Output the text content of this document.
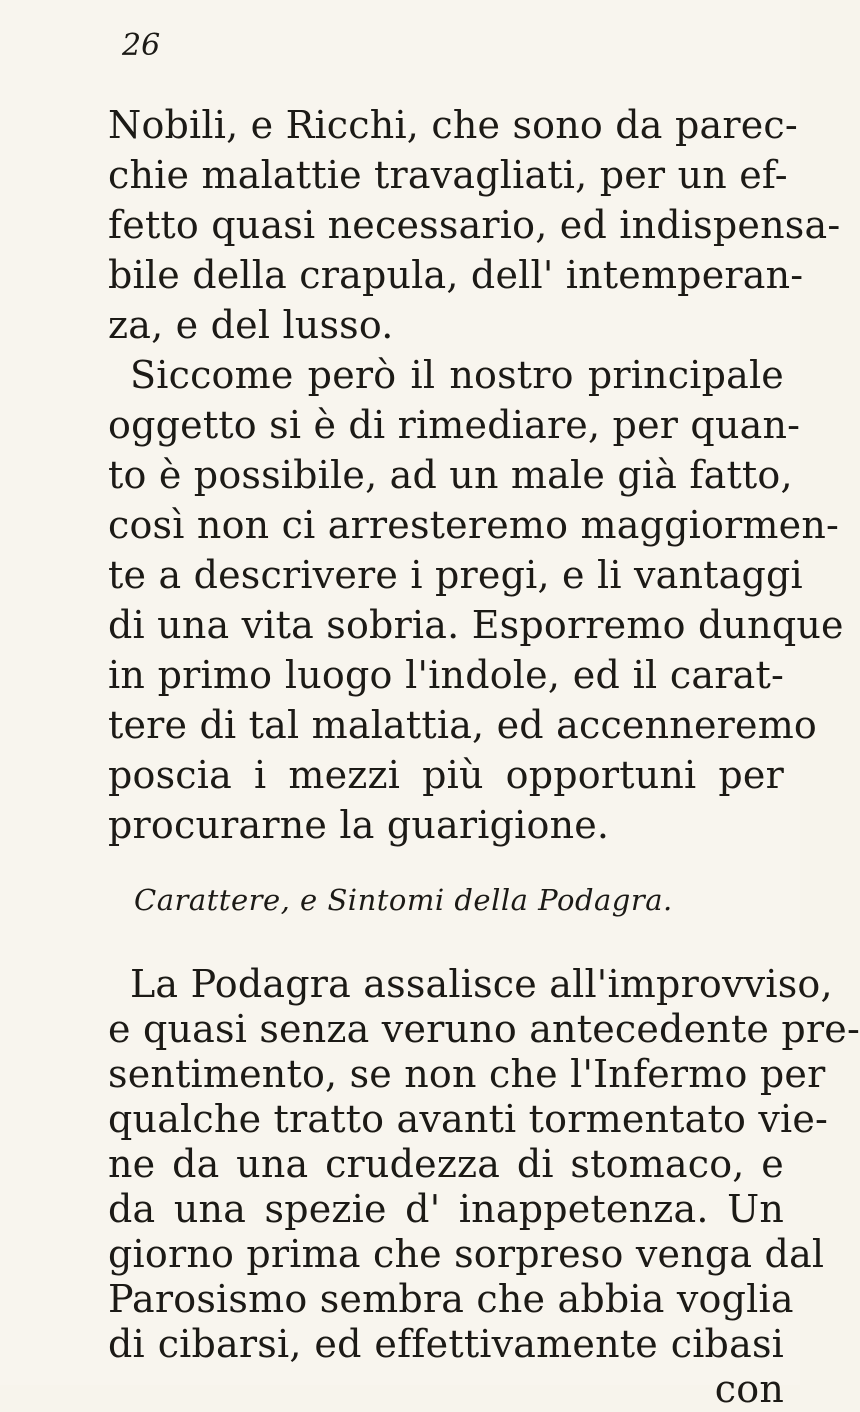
26
Nobili, e Ricchi, che sono da parec-
chie malattie travagliati, per un ef-
fetto quasi necessario, ed indispensa-
bile della crapula, dell' intemperan-
za, e del lusso.
Siccome però il nostro principale
oggetto si è di rimediare, per quan-
to è possibile, ad un male già fatto,
così non ci arresteremo maggiormen-
te a descrivere i pregi, e li vantaggi
di una vita sobria. Esporremo dunque
in primo luogo l'indole, ed il carat-
tere di tal malattia, ed accenneremo
poscia i mezzi più opportuni per
procurarne la guarigione.
Carattere, e Sintomi della Podagra.
La Podagra assalisce all'improvviso,
e quasi senza veruno antecedente pre-
sentimento, se non che l'Infermo per
qualche tratto avanti tormentato vie-
ne da una crudezza di stomaco, e
da una spezie d' inappetenza. Un
giorno prima che sorpreso venga dal
Parosismo sembra che abbia voglia
di cibarsi, ed effettivamente cibasi
con
